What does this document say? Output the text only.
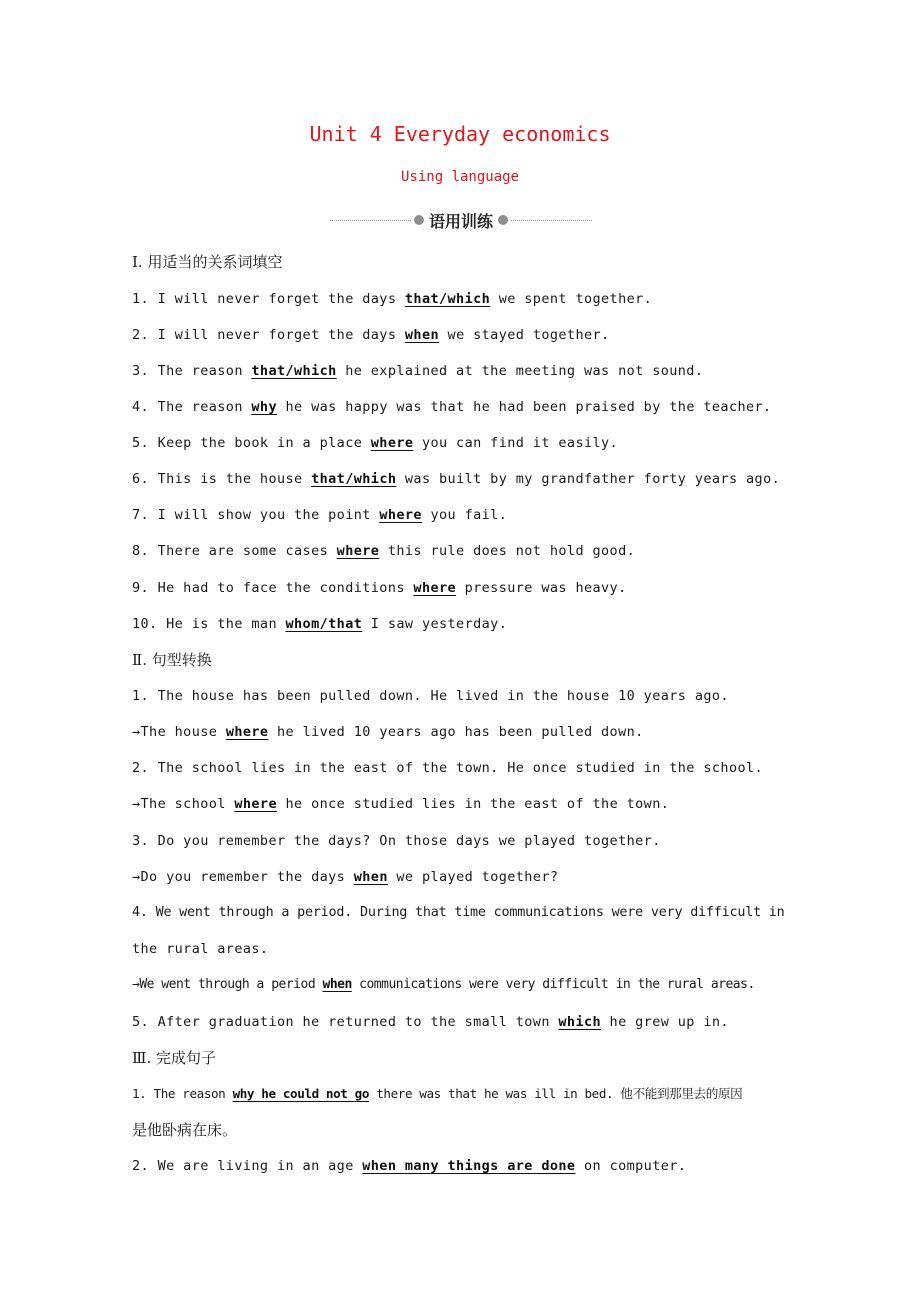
Unit 4 Everyday economics
Using language
语用训练
Ⅰ. 用适当的关系词填空
1. I will never forget the days that/which we spent together.
2. I will never forget the days when we stayed together.
3. The reason that/which he explained at the meeting was not sound.
4. The reason why he was happy was that he had been praised by the teacher.
5. Keep the book in a place where you can find it easily.
6. This is the house that/which was built by my grandfather forty years ago.
7. I will show you the point where you fail.
8. There are some cases where this rule does not hold good.
9. He had to face the conditions where pressure was heavy.
10. He is the man whom/that I saw yesterday.
Ⅱ. 句型转换
1. The house has been pulled down. He lived in the house 10 years ago.
→The house where he lived 10 years ago has been pulled down.
2. The school lies in the east of the town. He once studied in the school.
→The school where he once studied lies in the east of the town.
3. Do you remember the days? On those days we played together.
→Do you remember the days when we played together?
4. We went through a period. During that time communications were very difficult in
the rural areas.
→We went through a period when communications were very difficult in the rural areas.
5. After graduation he returned to the small town which he grew up in.
Ⅲ. 完成句子
1. The reason why he could not go there was that he was ill in bed. 他不能到那里去的原因
是他卧病在床。
2. We are living in an age when many things are done on computer.
